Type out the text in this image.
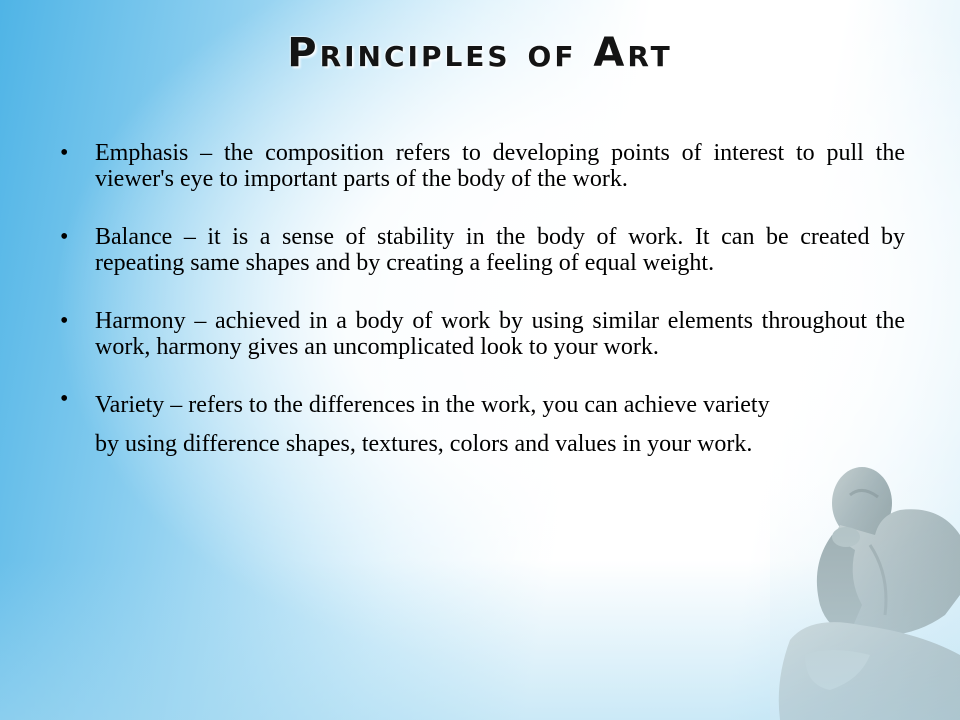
Principles of Art
• Emphasis – the composition refers to developing points of interest to pull the viewer's eye to important parts of the body of the work.
• Balance – it is a sense of stability in the body of work. It can be created by repeating same shapes and by creating a feeling of equal weight.
• Harmony – achieved in a body of work by using similar elements throughout the work, harmony gives an uncomplicated look to your work.
• Variety – refers to the differences in the work, you can achieve variety by using difference shapes, textures, colors and values in your work.
